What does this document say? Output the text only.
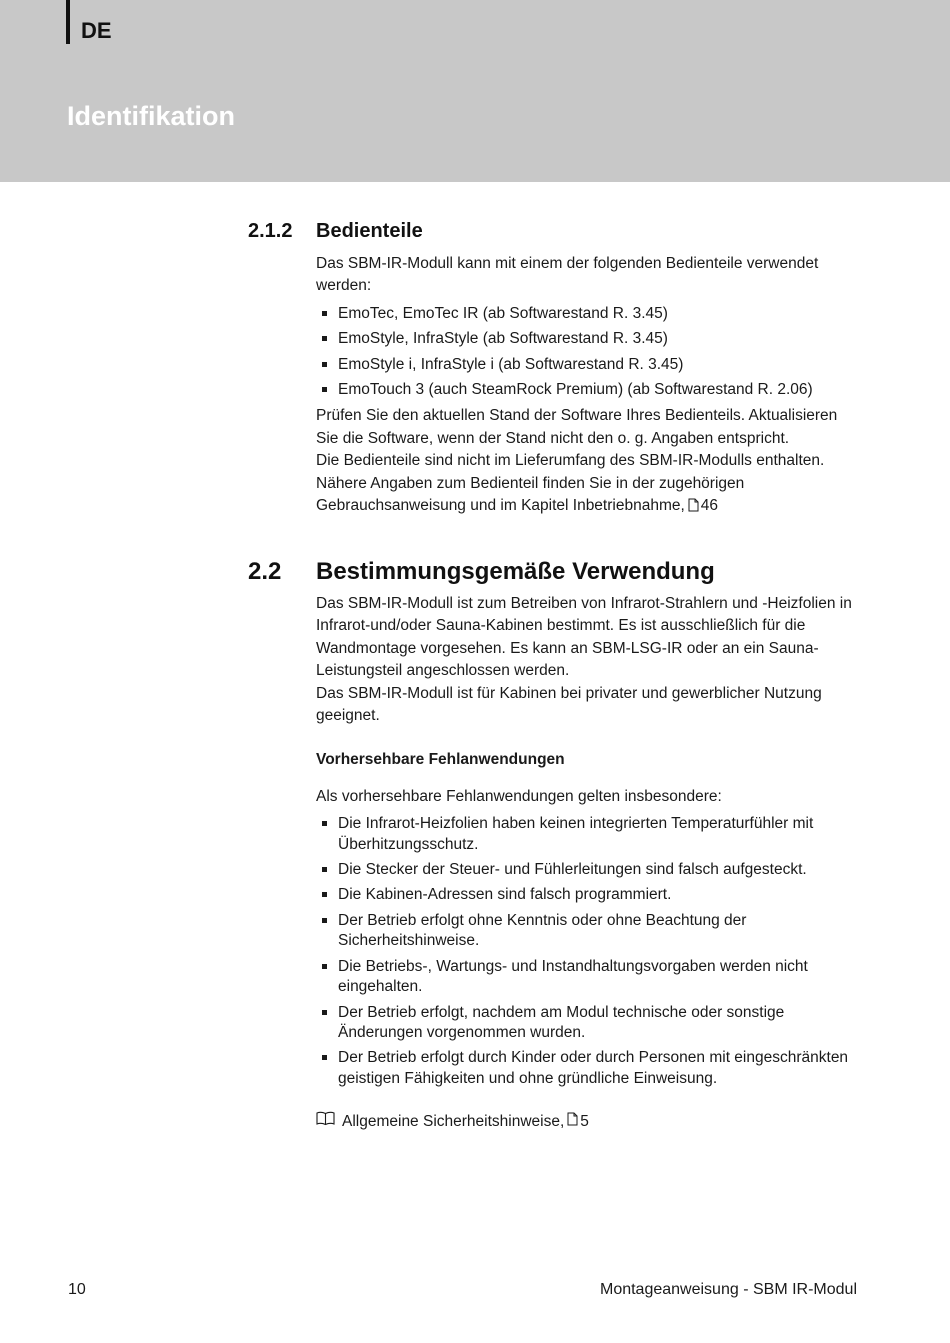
DE
Identifikation
2.1.2 Bedienteile

Das SBM-IR-Modull kann mit einem der folgenden Bedienteile verwendet werden:

EmoTec, EmoTec IR (ab Softwarestand R. 3.45)
EmoStyle, InfraStyle (ab Softwarestand R. 3.45)
EmoStyle i, InfraStyle i (ab Softwarestand R. 3.45)
EmoTouch 3 (auch SteamRock Premium) (ab Softwarestand R. 2.06)

Prüfen Sie den aktuellen Stand der Software Ihres Bedienteils. Aktualisieren Sie die Software, wenn der Stand nicht den o. g. Angaben entspricht.

Die Bedienteile sind nicht im Lieferumfang des SBM-IR-Modulls enthalten.

Nähere Angaben zum Bedienteil finden Sie in der zugehörigen Gebrauchsanweisung und im Kapitel Inbetriebnahme, 46

2.2 Bestimmungsgemäße Verwendung

Das SBM-IR-Modull ist zum Betreiben von Infrarot-Strahlern und -Heizfolien in Infrarot-und/oder Sauna-Kabinen bestimmt. Es ist ausschließlich für die Wandmontage vorgesehen. Es kann an SBM-LSG-IR oder an ein Sauna-Leistungsteil angeschlossen werden.

Das SBM-IR-Modull ist für Kabinen bei privater und gewerblicher Nutzung geeignet.

Vorhersehbare Fehlanwendungen

Als vorhersehbare Fehlanwendungen gelten insbesondere:

Die Infrarot-Heizfolien haben keinen integrierten Temperaturfühler mit Überhitzungsschutz.
Die Stecker der Steuer- und Fühlerleitungen sind falsch aufgesteckt.
Die Kabinen-Adressen sind falsch programmiert.
Der Betrieb erfolgt ohne Kenntnis oder ohne Beachtung der Sicherheitshinweise.
Die Betriebs-, Wartungs- und Instandhaltungsvorgaben werden nicht eingehalten.
Der Betrieb erfolgt, nachdem am Modul technische oder sonstige Änderungen vorgenommen wurden.
Der Betrieb erfolgt durch Kinder oder durch Personen mit eingeschränkten geistigen Fähigkeiten und ohne gründliche Einweisung.
Allgemeine Sicherheitshinweise, 5
10	Montageanweisung - SBM IR-Modul
